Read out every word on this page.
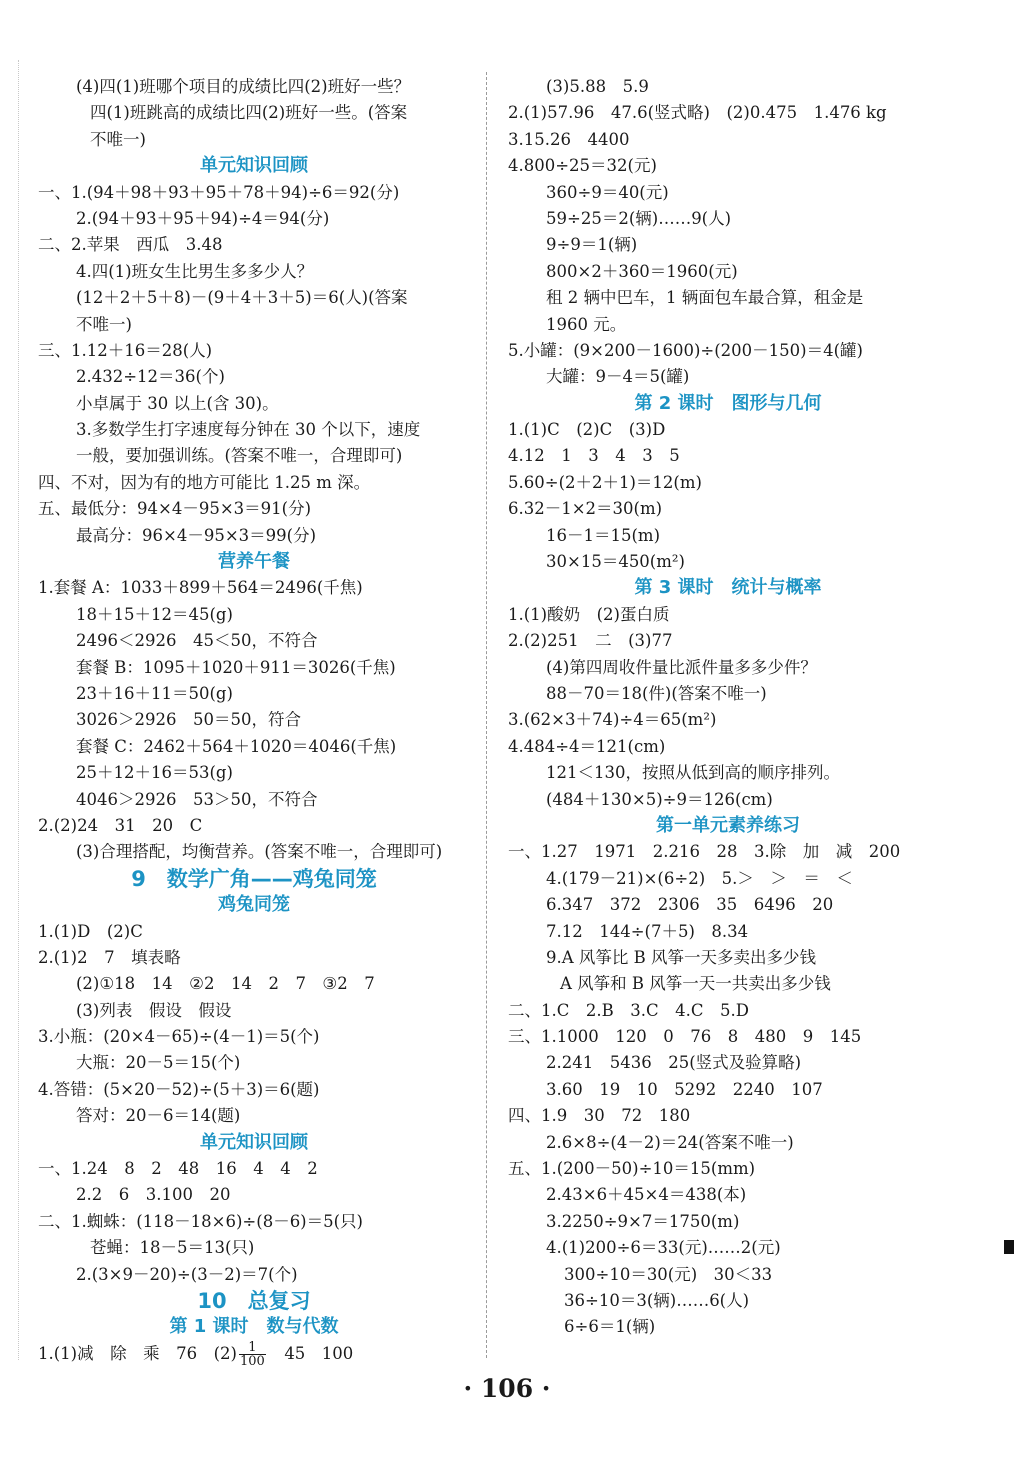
(4)四(1)班哪个项目的成绩比四(2)班好一些？
四(1)班跳高的成绩比四(2)班好一些。(答案
不唯一)
单元知识回顾
一、1.(94＋98＋93＋95＋78＋94)÷6＝92(分)
2.(94＋93＋95＋94)÷4＝94(分)
二、2.苹果　西瓜　3.48
4.四(1)班女生比男生多多少人？
(12＋2＋5＋8)－(9＋4＋3＋5)＝6(人)(答案
不唯一)
三、1.12＋16＝28(人)
2.432÷12＝36(个)
小卓属于 30 以上(含 30)。
3.多数学生打字速度每分钟在 30 个以下，速度
一般，要加强训练。(答案不唯一，合理即可)
四、不对，因为有的地方可能比 1.25 m 深。
五、最低分：94×4－95×3＝91(分)
最高分：96×4－95×3＝99(分)
营养午餐
1.套餐 A：1033＋899＋564＝2496(千焦)
18＋15＋12＝45(g)
2496＜2926　45＜50，不符合
套餐 B：1095＋1020＋911＝3026(千焦)
23＋16＋11＝50(g)
3026＞2926　50＝50，符合
套餐 C：2462＋564＋1020＝4046(千焦)
25＋12＋16＝53(g)
4046＞2926　53＞50，不符合
2.(2)24　31　20　C
(3)合理搭配，均衡营养。(答案不唯一，合理即可)
9　数学广角——鸡兔同笼
鸡兔同笼
1.(1)D　(2)C
2.(1)2　7　填表略
(2)①18　14　②2　14　2　7　③2　7
(3)列表　假设　假设
3.小瓶：(20×4－65)÷(4－1)＝5(个)
大瓶：20－5＝15(个)
4.答错：(5×20－52)÷(5＋3)＝6(题)
答对：20－6＝14(题)
单元知识回顾
一、1.24　8　2　48　16　4　4　2
2.2　6　3.100　20
二、1.蜘蛛：(118－18×6)÷(8－6)＝5(只)
苍蝇：18－5＝13(只)
2.(3×9－20)÷(3－2)＝7(个)
10　总复习
第 1 课时　数与代数
1.(1)减　除　乘　76　$(2) \frac{1}{100}$ 　45　100
(3)5.88　5.9
2.(1)57.96　47.6(竖式略)　(2)0.475　1.476 kg
3.15.26　4400
4.800÷25＝32(元)
360÷9＝40(元)
59÷25＝2(辆)……9(人)
9÷9＝1(辆)
800×2＋360＝1960(元)
租 2 辆中巴车，1 辆面包车最合算，租金是
1960 元。
5.小罐：(9×200－1600)÷(200－150)＝4(罐)
大罐：9－4＝5(罐)
第 2 课时　图形与几何
1.(1)C　(2)C　(3)D
4.12　1　3　4　3　5
5.60÷(2＋2＋1)＝12(m)
6.32－1×2＝30(m)
16－1＝15(m)
30×15＝450(m²)
第 3 课时　统计与概率
1.(1)酸奶　(2)蛋白质
2.(2)251　二　(3)77
(4)第四周收件量比派件量多多少件？
88－70＝18(件)(答案不唯一)
3.(62×3＋74)÷4＝65(m²)
4.484÷4＝121(cm)
121＜130，按照从低到高的顺序排列。
(484＋130×5)÷9＝126(cm)
第一单元素养练习
一、1.27　1971　2.216　28　3.除　加　减　200
4.(179－21)×(6÷2)　5.＞　＞　＝　＜
6.347　372　2306　35　6496　20
7.12　144÷(7＋5)　8.34
9.A 风筝比 B 风筝一天多卖出多少钱
A 风筝和 B 风筝一天一共卖出多少钱
二、1.C　2.B　3.C　4.C　5.D
三、1.1000　120　0　76　8　480　9　145
2.241　5436　25(竖式及验算略)
3.60　19　10　5292　2240　107
四、1.9　30　72　180
2.6×8÷(4－2)＝24(答案不唯一)
五、1.(200－50)÷10＝15(mm)
2.43×6＋45×4＝438(本)
3.2250÷9×7＝1750(m)
4.(1)200÷6＝33(元)……2(元)
300÷10＝30(元)　30＜33
36÷10＝3(辆)……6(人)
6÷6＝1(辆)
· 106 ·
